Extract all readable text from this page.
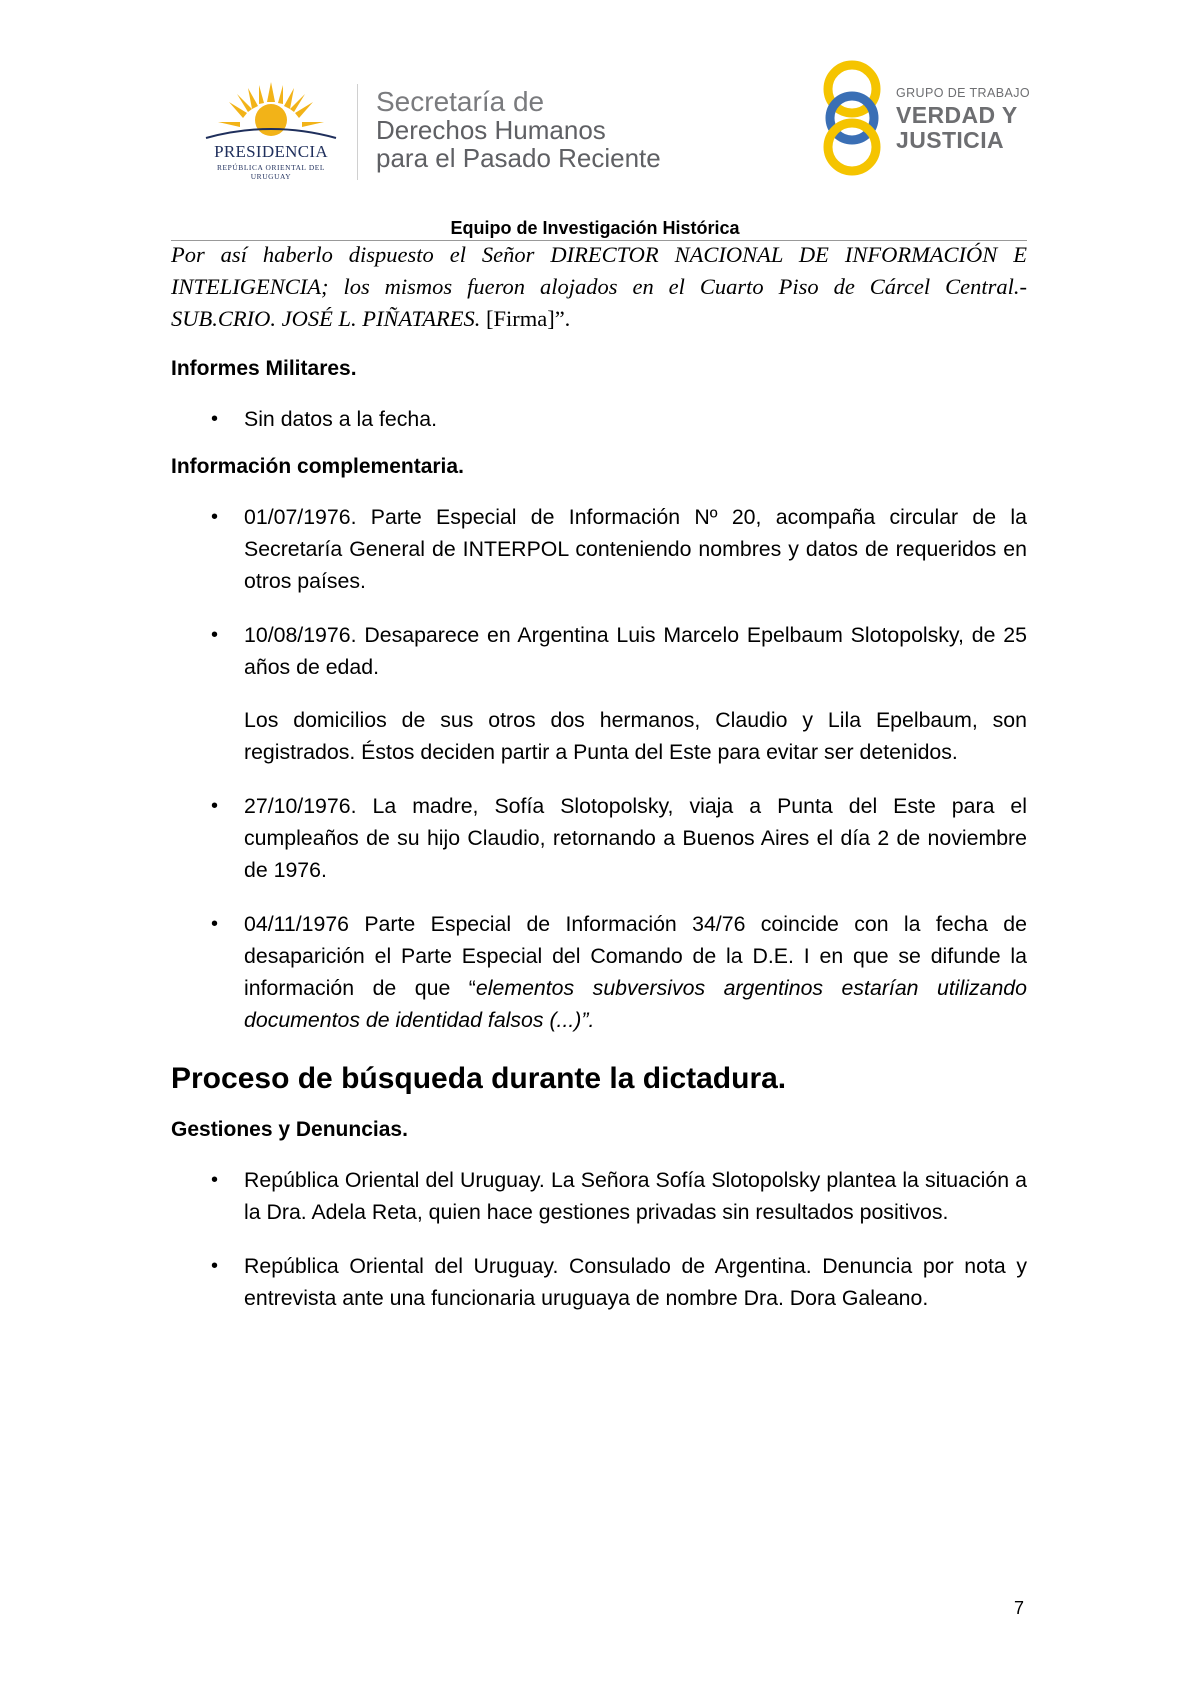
PRESIDENCIA
REPÚBLICA ORIENTAL DEL URUGUAY
Secretaría de
Derechos Humanos
para el Pasado Reciente
GRUPO DE TRABAJO
VERDAD Y
JUSTICIA
Equipo de Investigación Histórica

Por así haberlo dispuesto el Señor DIRECTOR NACIONAL DE INFORMACIÓN E INTELIGENCIA; los mismos fueron alojados en el Cuarto Piso de Cárcel Central.- SUB.CRIO. JOSÉ L. PIÑATARES. [Firma]”.

Informes Militares.
• Sin datos a la fecha.
Información complementaria.
• 01/07/1976. Parte Especial de Información Nº 20, acompaña circular de la Secretaría General de INTERPOL conteniendo nombres y datos de requeridos en otros países.
• 10/08/1976. Desaparece en Argentina Luis Marcelo Epelbaum Slotopolsky, de 25 años de edad.

Los domicilios de sus otros dos hermanos, Claudio y Lila Epelbaum, son registrados. Éstos deciden partir a Punta del Este para evitar ser detenidos.

• 27/10/1976. La madre, Sofía Slotopolsky, viaja a Punta del Este para el cumpleaños de su hijo Claudio, retornando a Buenos Aires el día 2 de noviembre de 1976.
• 04/11/1976 Parte Especial de Información 34/76 coincide con la fecha de desaparición el Parte Especial del Comando de la D.E. I en que se difunde la información de que “elementos subversivos argentinos estarían utilizando documentos de identidad falsos (...)”.
Proceso de búsqueda durante la dictadura.
Gestiones y Denuncias.
• República Oriental del Uruguay. La Señora Sofía Slotopolsky plantea la situación a la Dra. Adela Reta, quien hace gestiones privadas sin resultados positivos.
• República Oriental del Uruguay. Consulado de Argentina. Denuncia por nota y entrevista ante una funcionaria uruguaya de nombre Dra. Dora Galeano.
7
